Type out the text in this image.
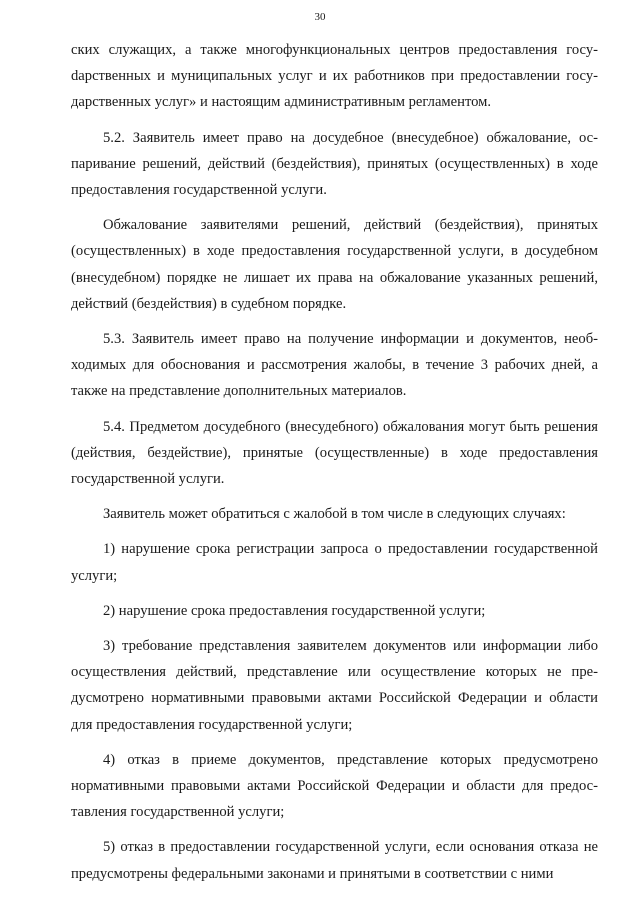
30

ских служащих, а также многофункциональных центров предоставления госуdарственных и муниципальных услуг и их работников при предоставлении государственных услуг» и настоящим административным регламентом.

5.2. Заявитель имеет право на досудебное (внесудебное) обжалование, оспаривание решений, действий (бездействия), принятых (осуществленных) в ходе предоставления государственной услуги.

Обжалование заявителями решений, действий (бездействия), принятых (осуществленных) в ходе предоставления государственной услуги, в досудебном (внесудебном) порядке не лишает их права на обжалование указанных решений, действий (бездействия) в судебном порядке.

5.3. Заявитель имеет право на получение информации и документов, необходимых для обоснования и рассмотрения жалобы, в течение 3 рабочих дней, а также на представление дополнительных материалов.

5.4. Предметом досудебного (внесудебного) обжалования могут быть решения (действия, бездействие), принятые (осуществленные) в ходе предоставления государственной услуги.

Заявитель может обратиться с жалобой в том числе в следующих случаях:

1) нарушение срока регистрации запроса о предоставлении государственной услуги;

2) нарушение срока предоставления государственной услуги;

3) требование представления заявителем документов или информации либо осуществления действий, представление или осуществление которых не предусмотрено нормативными правовыми актами Российской Федерации и области для предоставления государственной услуги;

4) отказ в приеме документов, представление которых предусмотрено нормативными правовыми актами Российской Федерации и области для предоставления государственной услуги;

5) отказ в предоставлении государственной услуги, если основания отказа не предусмотрены федеральными законами и принятыми в соответствии с ними
